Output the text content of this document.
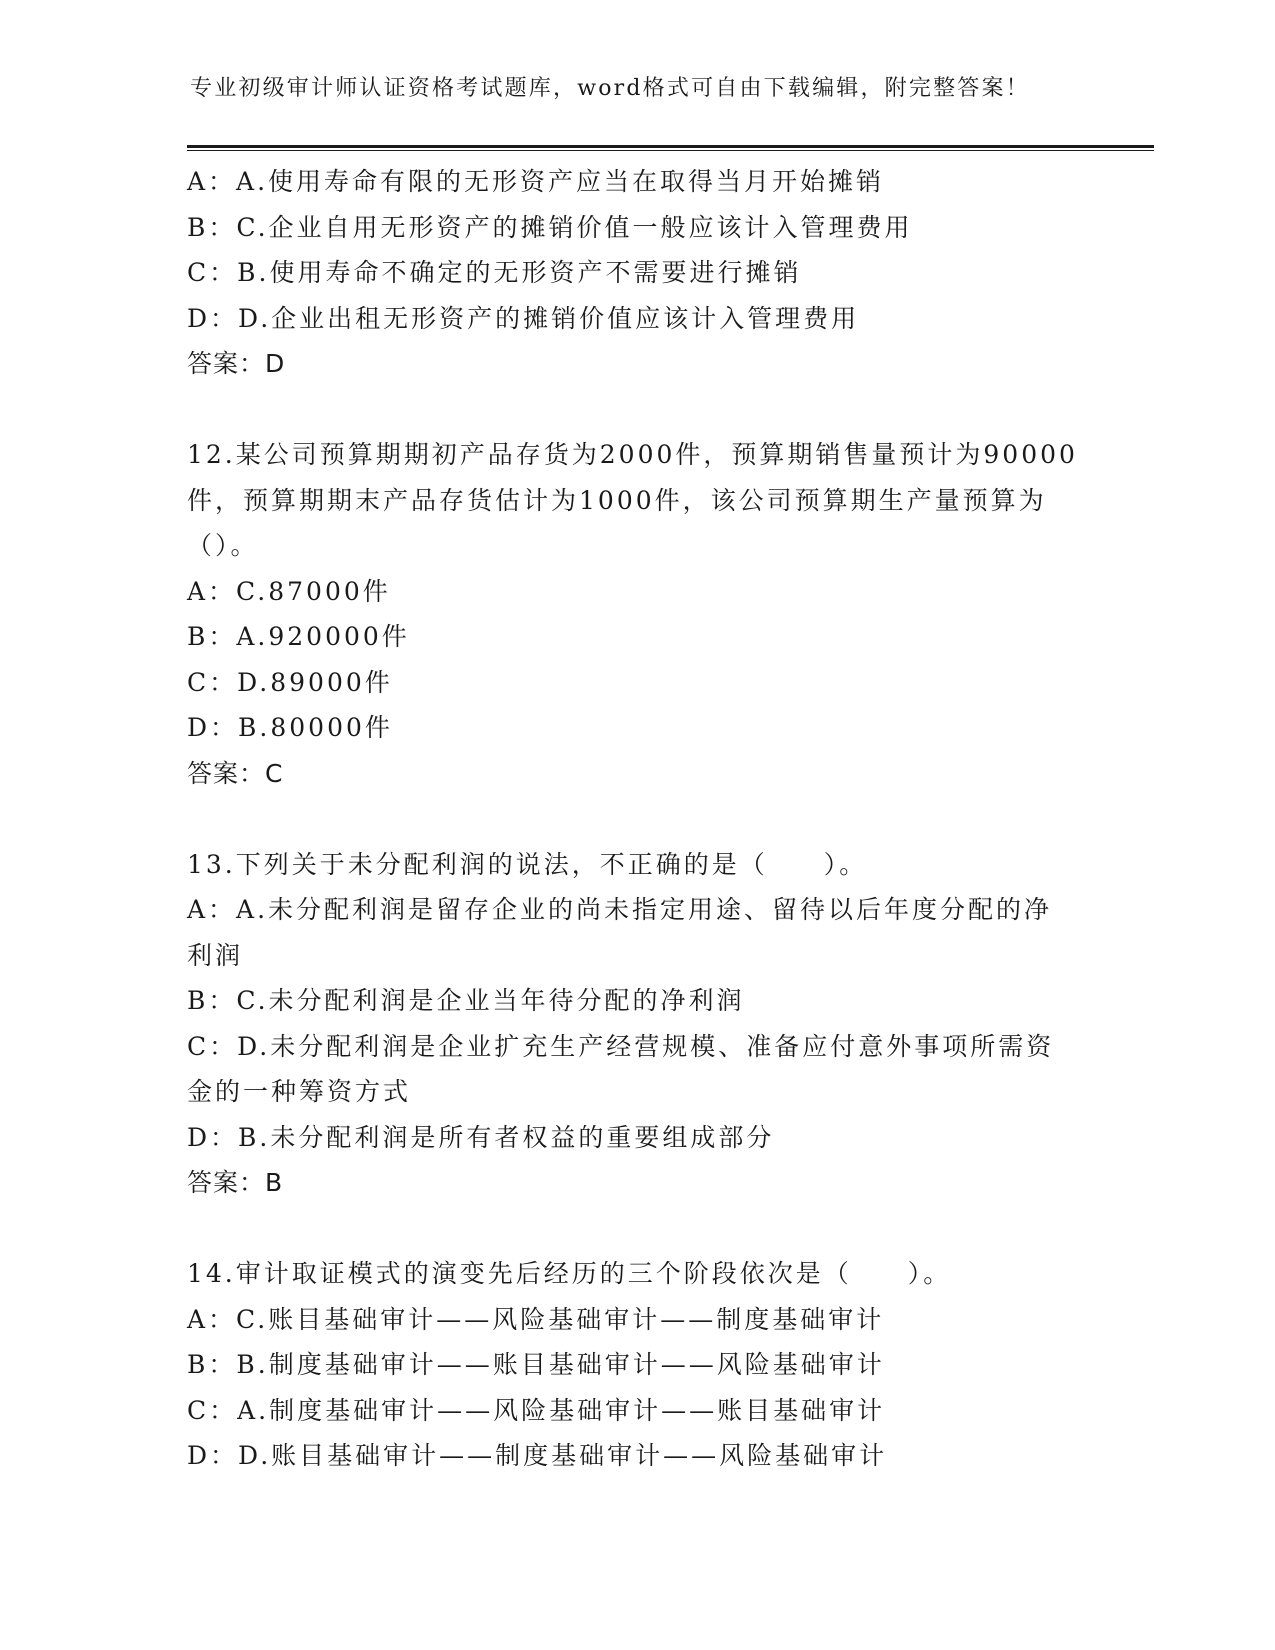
专业初级审计师认证资格考试题库，word格式可自由下载编辑，附完整答案！
A：A.使用寿命有限的无形资产应当在取得当月开始摊销
B：C.企业自用无形资产的摊销价值一般应该计入管理费用
C：B.使用寿命不确定的无形资产不需要进行摊销
D：D.企业出租无形资产的摊销价值应该计入管理费用
答案：D
12.某公司预算期期初产品存货为2000件，预算期销售量预计为90000
件，预算期期末产品存货估计为1000件，该公司预算期生产量预算为
（）。
A：C.87000件
B：A.920000件
C：D.89000件
D：B.80000件
答案：C
13.下列关于未分配利润的说法，不正确的是（　　）。
A：A.未分配利润是留存企业的尚未指定用途、留待以后年度分配的净
利润
B：C.未分配利润是企业当年待分配的净利润
C：D.未分配利润是企业扩充生产经营规模、准备应付意外事项所需资
金的一种筹资方式
D：B.未分配利润是所有者权益的重要组成部分
答案：B
14.审计取证模式的演变先后经历的三个阶段依次是（　　）。
A：C.账目基础审计——风险基础审计——制度基础审计
B：B.制度基础审计——账目基础审计——风险基础审计
C：A.制度基础审计——风险基础审计——账目基础审计
D：D.账目基础审计——制度基础审计——风险基础审计
